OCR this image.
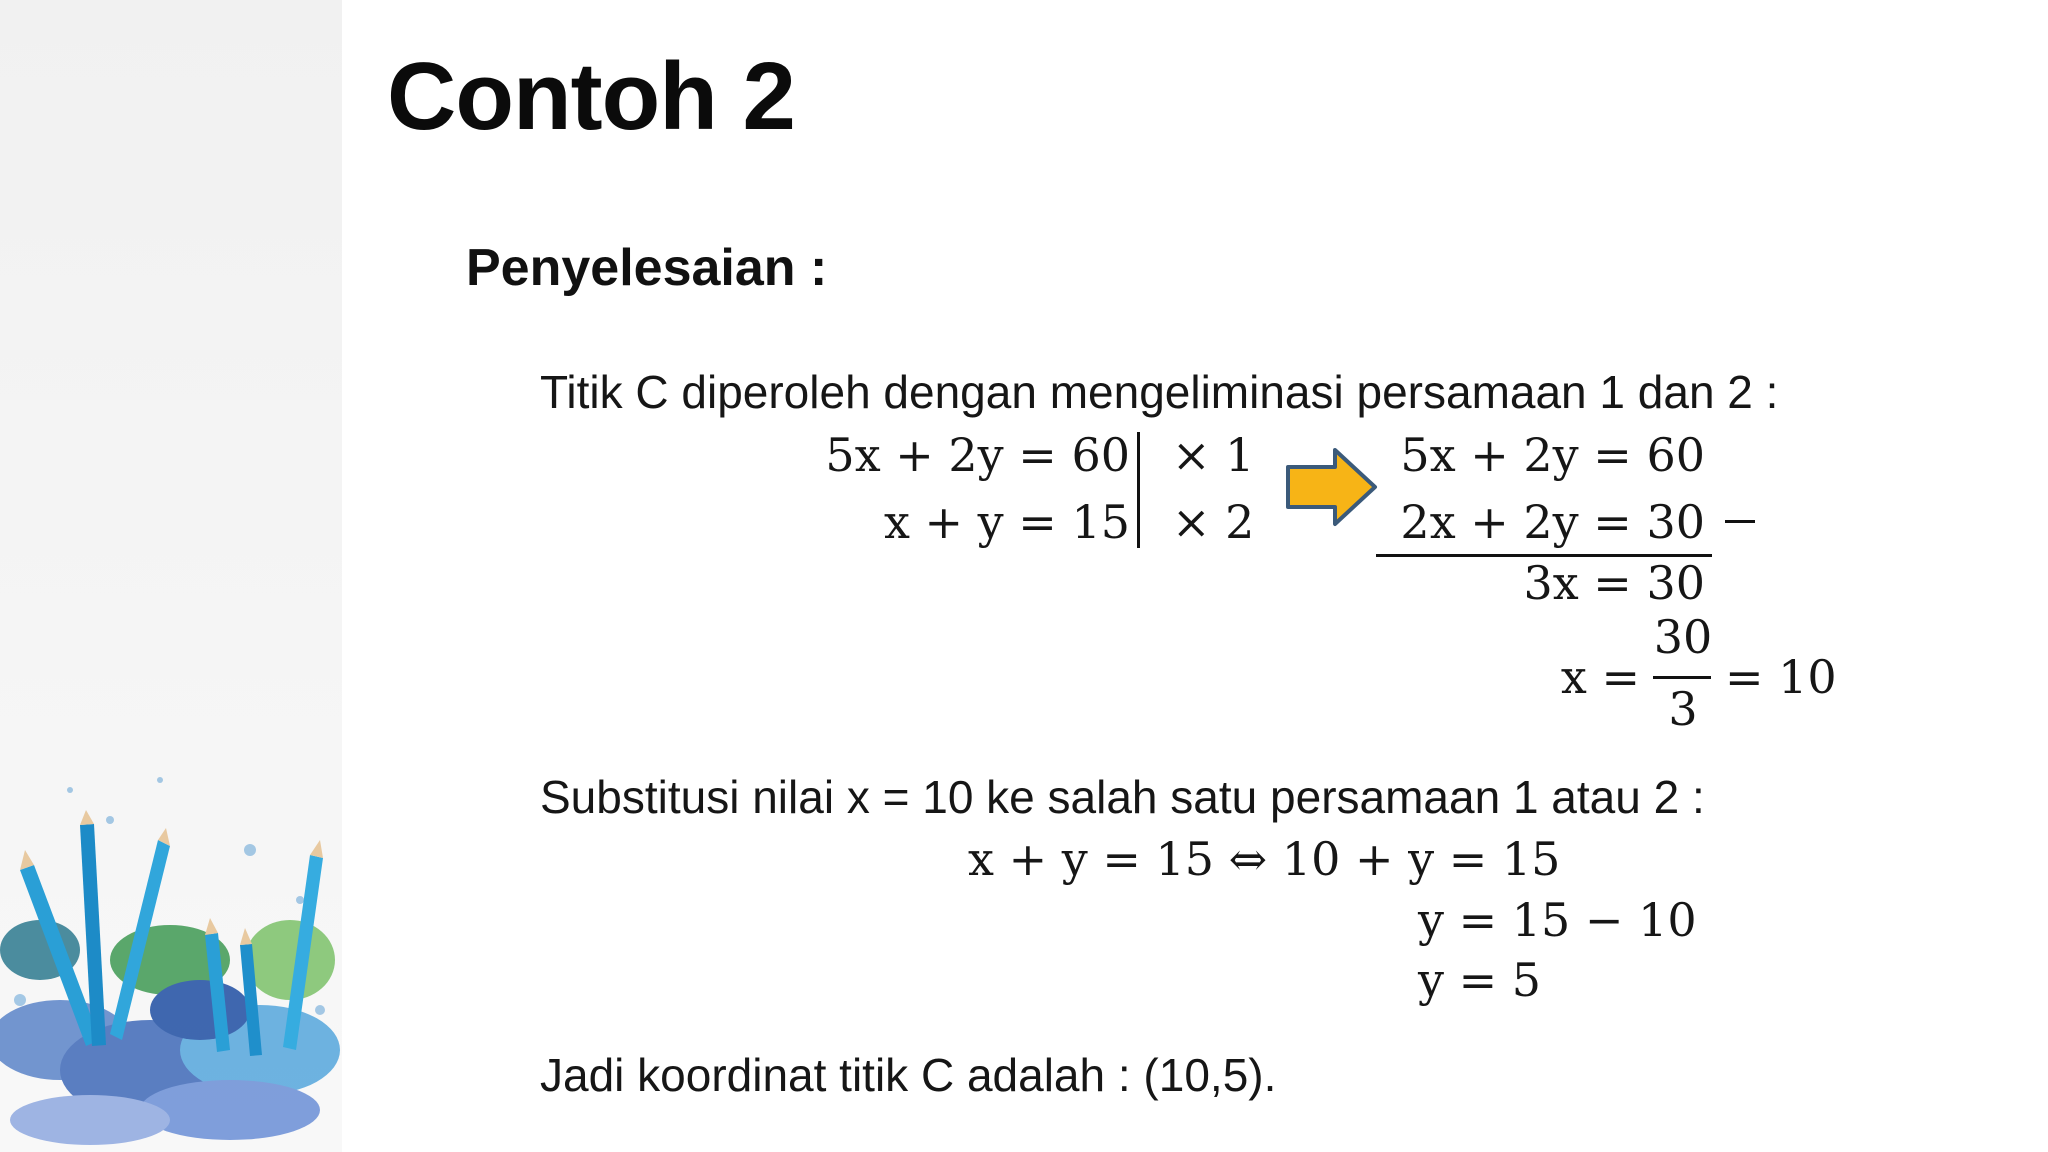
Contoh 2
Penyelesaian :
Titik C diperoleh dengan mengeliminasi persamaan 1 dan 2 :
5x + 2y = 60
x + y = 15
× 1
× 2
5x + 2y = 60
2x + 2y = 30
3x = 30
x =
30
3
= 10
Substitusi nilai x = 10 ke salah satu persamaan 1 atau 2 :
x + y = 15 ⇔ 10 + y = 15
y = 15 − 10
y = 5
Jadi koordinat titik C adalah : (10,5).
